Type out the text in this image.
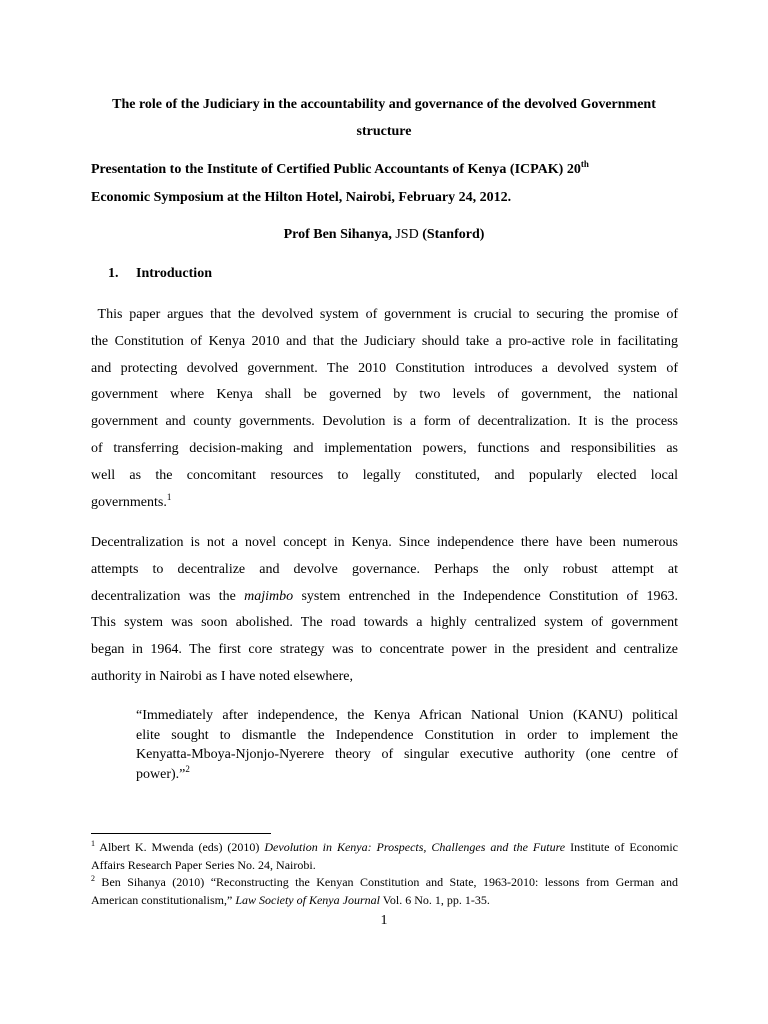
The role of the Judiciary in the accountability and governance of the devolved Government
structure
Presentation to the Institute of Certified Public Accountants of Kenya (ICPAK) 20th
Economic Symposium at the Hilton Hotel, Nairobi, February 24, 2012.
Prof Ben Sihanya, JSD (Stanford)
1. Introduction
This paper argues that the devolved system of government is crucial to securing the promise of
the Constitution of Kenya 2010 and that the Judiciary should take a pro-active role in facilitating
and protecting devolved government. The 2010 Constitution introduces a devolved system of
government where Kenya shall be governed by two levels of government, the national
government and county governments. Devolution is a form of decentralization. It is the process
of transferring decision-making and implementation powers, functions and responsibilities as
well as the concomitant resources to legally constituted, and popularly elected local
governments.$^1$
Decentralization is not a novel concept in Kenya. Since independence there have been numerous
attempts to decentralize and devolve governance. Perhaps the only robust attempt at
decentralization was the majimbo system entrenched in the Independence Constitution of 1963.
This system was soon abolished. The road towards a highly centralized system of government
began in 1964. The first core strategy was to concentrate power in the president and centralize
authority in Nairobi as I have noted elsewhere,
“Immediately after independence, the Kenya African National Union (KANU) political
elite sought to dismantle the Independence Constitution in order to implement the
Kenyatta-Mboya-Njonjo-Nyerere theory of singular executive authority (one centre of
power).”$^2$
$^1$ Albert K. Mwenda (eds) (2010) Devolution in Kenya: Prospects, Challenges and the Future Institute of Economic
Affairs Research Paper Series No. 24, Nairobi.
$^2$ Ben Sihanya (2010) “Reconstructing the Kenyan Constitution and State, 1963-2010: lessons from German and
American constitutionalism,” Law Society of Kenya Journal Vol. 6 No. 1, pp. 1-35.
1
